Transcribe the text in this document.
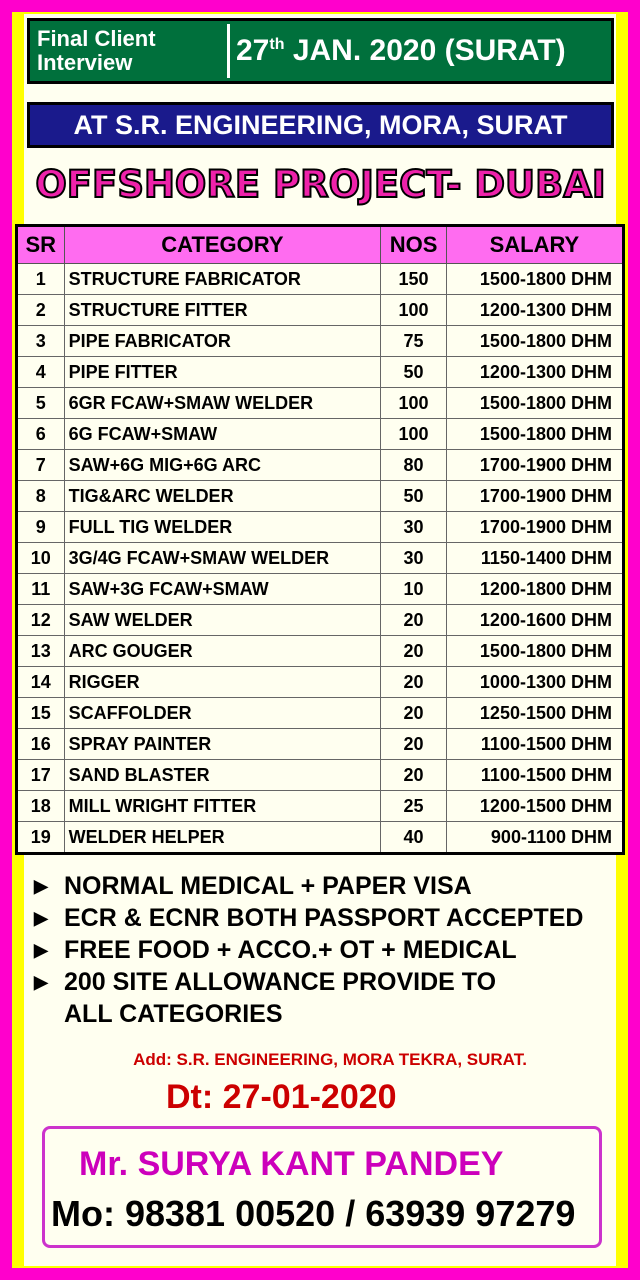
Final Client
Interview	27th JAN. 2020 (SURAT)
AT S.R. ENGINEERING, MORA, SURAT
OFFSHORE PROJECT- DUBAI
SR	CATEGORY	NOS	SALARY
1	STRUCTURE FABRICATOR	150	1500-1800 DHM
2	STRUCTURE FITTER	100	1200-1300 DHM
3	PIPE FABRICATOR	75	1500-1800 DHM
4	PIPE FITTER	50	1200-1300 DHM
5	6GR FCAW+SMAW WELDER	100	1500-1800 DHM
6	6G FCAW+SMAW	100	1500-1800 DHM
7	SAW+6G MIG+6G ARC	80	1700-1900 DHM
8	TIG&ARC WELDER	50	1700-1900 DHM
9	FULL TIG WELDER	30	1700-1900 DHM
10	3G/4G FCAW+SMAW WELDER	30	1150-1400 DHM
11	SAW+3G FCAW+SMAW	10	1200-1800 DHM
12	SAW WELDER	20	1200-1600 DHM
13	ARC GOUGER	20	1500-1800 DHM
14	RIGGER	20	1000-1300 DHM
15	SCAFFOLDER	20	1250-1500 DHM
16	SPRAY PAINTER	20	1100-1500 DHM
17	SAND BLASTER	20	1100-1500 DHM
18	MILL WRIGHT FITTER	25	1200-1500 DHM
19	WELDER HELPER	40	900-1100 DHM
▶ NORMAL MEDICAL + PAPER VISA
▶ ECR & ECNR BOTH PASSPORT ACCEPTED
▶ FREE FOOD + ACCO.+ OT + MEDICAL
▶ 200 SITE ALLOWANCE PROVIDE TO
ALL CATEGORIES
Add: S.R. ENGINEERING, MORA TEKRA, SURAT.
Dt: 27-01-2020
Mr. SURYA KANT PANDEY
Mo: 98381 00520 / 63939 97279
